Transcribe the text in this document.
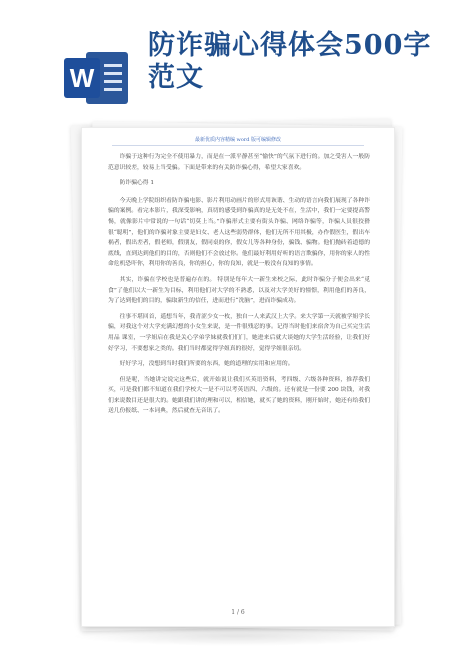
W
防诈骗心得体会500字范文
最新优质内容精编 word 版可编辑修改

诈骗于这种行为完全不使用暴力，而是在一派平静甚至“愉快”的气氛下进行的。加之受害人一般防范意识较差，较易上当受骗。下面是带来的有关防诈骗心得，希望大家喜欢。

防诈骗心得 1

今天晚上学院组织看防诈骗电影、影片利用动画片的形式用诙谐、生动的语言向我们展现了各种诈骗的案例。看完本影片，我深受影响，真切的感受到诈骗真的是无处不在，生活中，我们一定要提高警惕，就像影片中常说的一句话“切莫上当。”诈骗形式主要有街头诈骗、网络诈骗等，诈骗人员很狡猾很“聪明”，他们的诈骗对象主要是妇女、老人这些弱势群体，他们无所不用其极，办作假医生，假出车祸者，假出差者，假老师，假朋友，假同桌的你，假女儿等各种身份，骗钱、骗物。他们抛砖着道德的底线，直到达到他们的目的，否则他们不会放过你。他们最好利用好听的语言欺骗你，用你的家人的性命危机恐吓你，利用你的善良，你的担心，你的良知，就是一般没有良知的事情。

其实，诈骗在学校也是普遍存在的。 特别是每年大一新生来校之际，此时诈骗分子便会出来“觅食”了他们以大一新生为目标，利用他们对大学的不熟悉，以及对大学美好的憧憬，利用他们的善良，为了达到他们的目的，骗取新生的信任，进而进行“洗脑”，进而诈骗成功。

往事不堪回首，遥想当年，我青涩少女一枚，独自一人来武汉上大学。来大学第一天就被学姐学长骗，对我这个对大学充满幻想的小女生来说，是一件很残忍的事。记得当时他们来宿舍为自己买完生活用品 课室，一学姐启在我是关心学弟学妹就我们们门，她进来后就大谈她的大学生活经验，让我们好好学习，不要想家之类的。我们当时都觉得学姐真的很好，觉得学姐很亲切。

好好学习，没想到当时我们所要的东西，她的道理的实用和应用的。

但是呢，当她讲完说完这些后，就开始说让我们买英语资料，考四级、六级各种资料，推荐我们买，可是我们都不知道在我们学校大一是不可以考英语四、六级的。还有就是一份要 200 块钱，对我们来说数目还是很大的。她跟我们讲的理和可以，相信她，就买了她的资料，刚开始时，她还有给我们送几份报纸、一本词典，然后就查无音讯了。

1 / 6
